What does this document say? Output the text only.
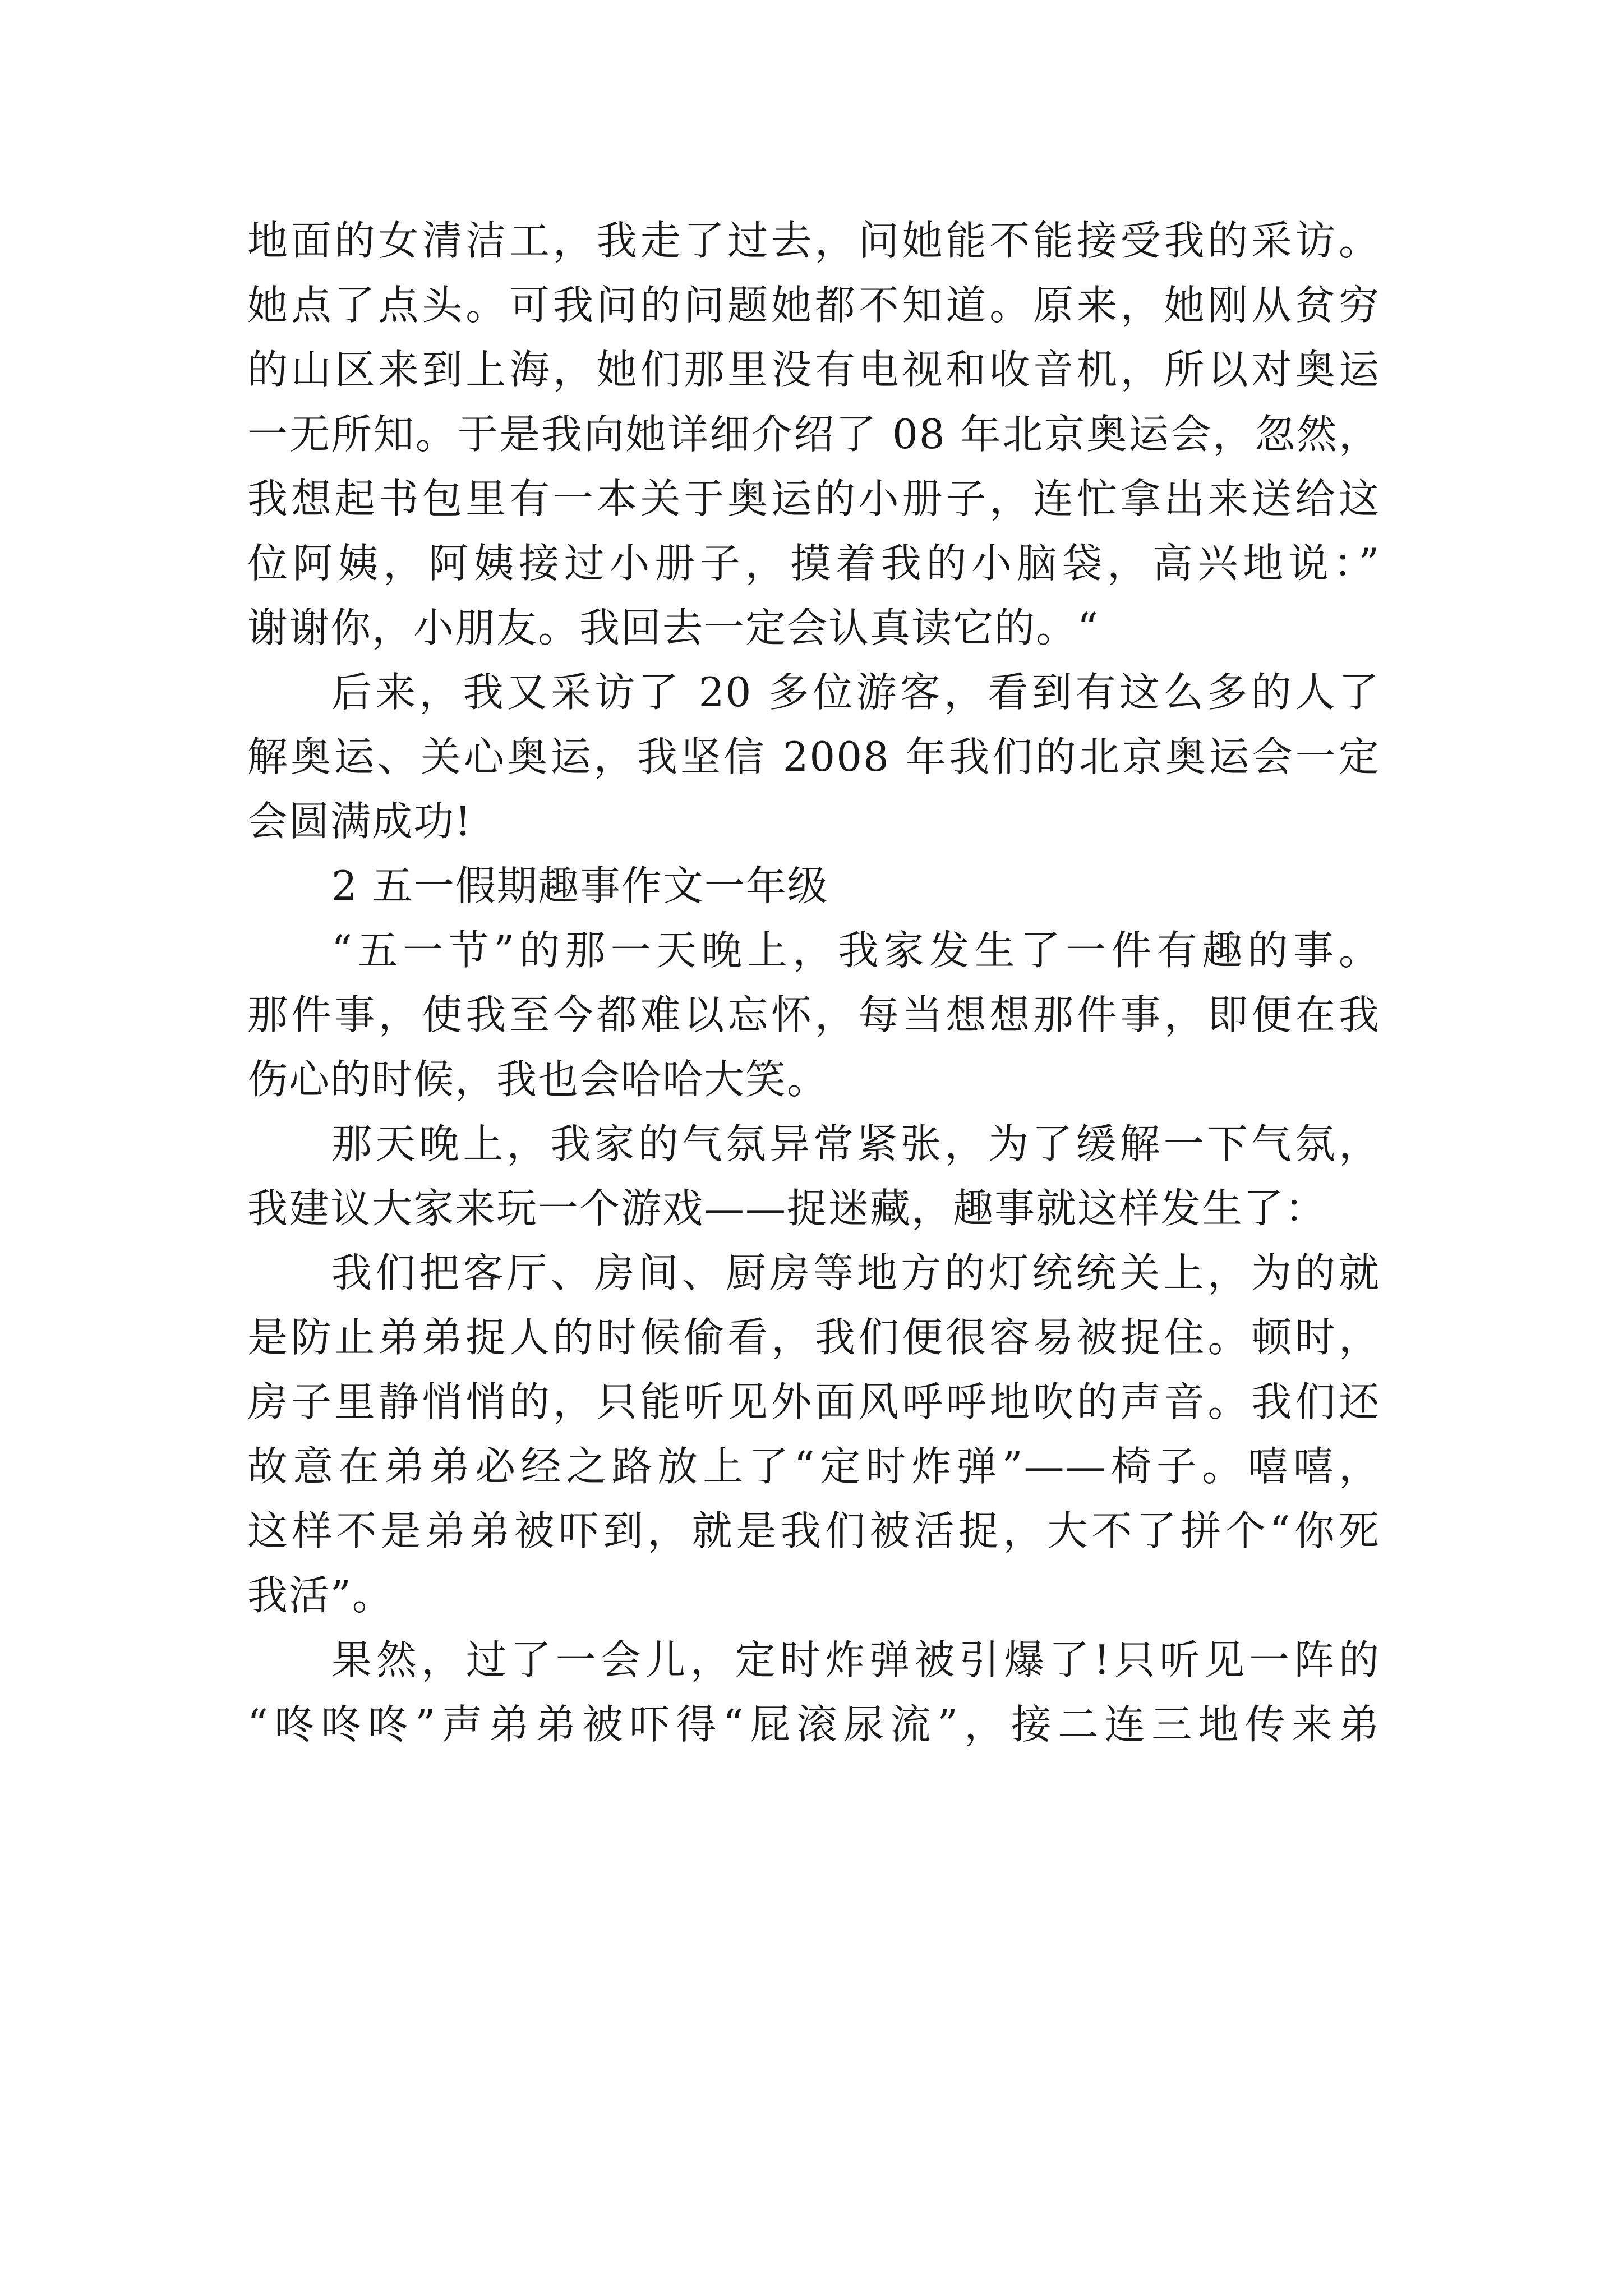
地面的女清洁工，我走了过去，问她能不能接受我的采访。
她点了点头。可我问的问题她都不知道。原来，她刚从贫穷
的山区来到上海，她们那里没有电视和收音机，所以对奥运
一无所知。于是我向她详细介绍了 08 年北京奥运会，忽然，
我想起书包里有一本关于奥运的小册子，连忙拿出来送给这
位阿姨，阿姨接过小册子，摸着我的小脑袋，高兴地说：”
谢谢你，小朋友。我回去一定会认真读它的。“
后来，我又采访了 20 多位游客，看到有这么多的人了
解奥运、关心奥运，我坚信 2008 年我们的北京奥运会一定
会圆满成功!
2 五一假期趣事作文一年级
“五一节”的那一天晚上，我家发生了一件有趣的事。
那件事，使我至今都难以忘怀，每当想想那件事，即便在我
伤心的时候，我也会哈哈大笑。
那天晚上，我家的气氛异常紧张，为了缓解一下气氛，
我建议大家来玩一个游戏——捉迷藏，趣事就这样发生了：
我们把客厅、房间、厨房等地方的灯统统关上，为的就
是防止弟弟捉人的时候偷看，我们便很容易被捉住。顿时，
房子里静悄悄的，只能听见外面风呼呼地吹的声音。我们还
故意在弟弟必经之路放上了“定时炸弹”——椅子。嘻嘻，
这样不是弟弟被吓到，就是我们被活捉，大不了拼个“你死
我活”。
果然，过了一会儿，定时炸弹被引爆了!只听见一阵的
“咚咚咚”声弟弟被吓得“屁滚尿流”，接二连三地传来弟
